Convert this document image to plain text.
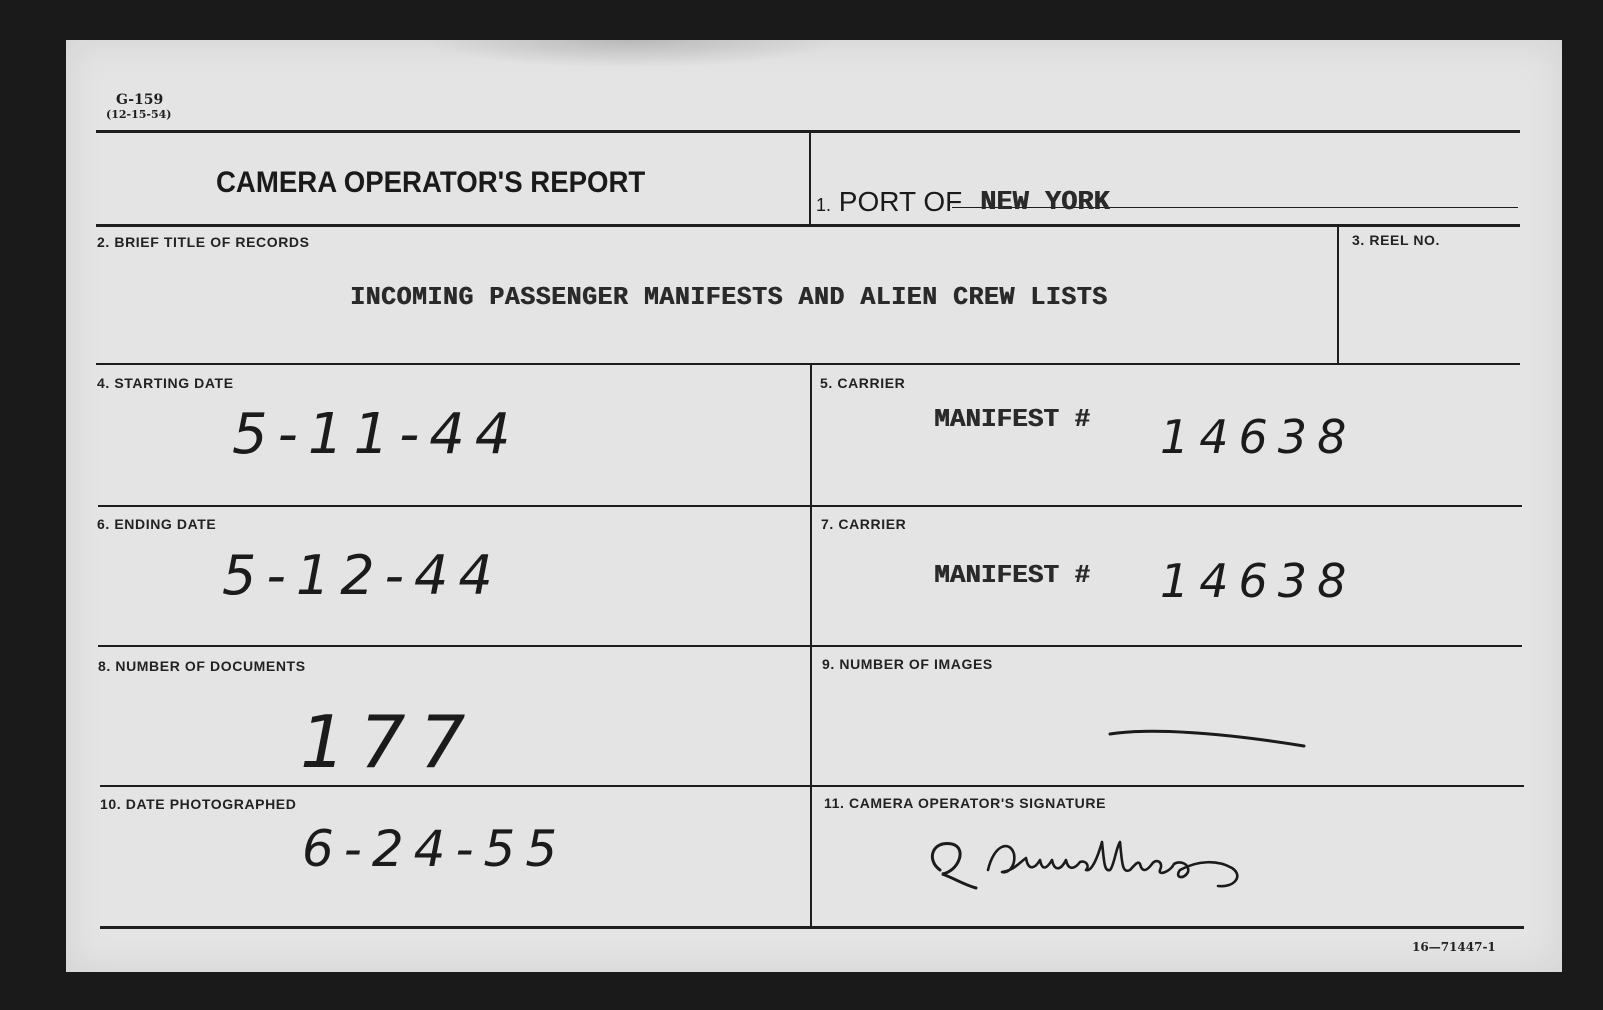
G-159
(12-15-54)
CAMERA OPERATOR'S REPORT
1. PORT OF NEW YORK
2. BRIEF TITLE OF RECORDS
INCOMING PASSENGER MANIFESTS AND ALIEN CREW LISTS
3. REEL NO.
4. STARTING DATE
5-11-44
5. CARRIER
MANIFEST # 14638
6. ENDING DATE
5-12-44
7. CARRIER
MANIFEST # 14638
8. NUMBER OF DOCUMENTS
177
9. NUMBER OF IMAGES
10. DATE PHOTOGRAPHED
6-24-55
11. CAMERA OPERATOR'S SIGNATURE
16—71447-1
